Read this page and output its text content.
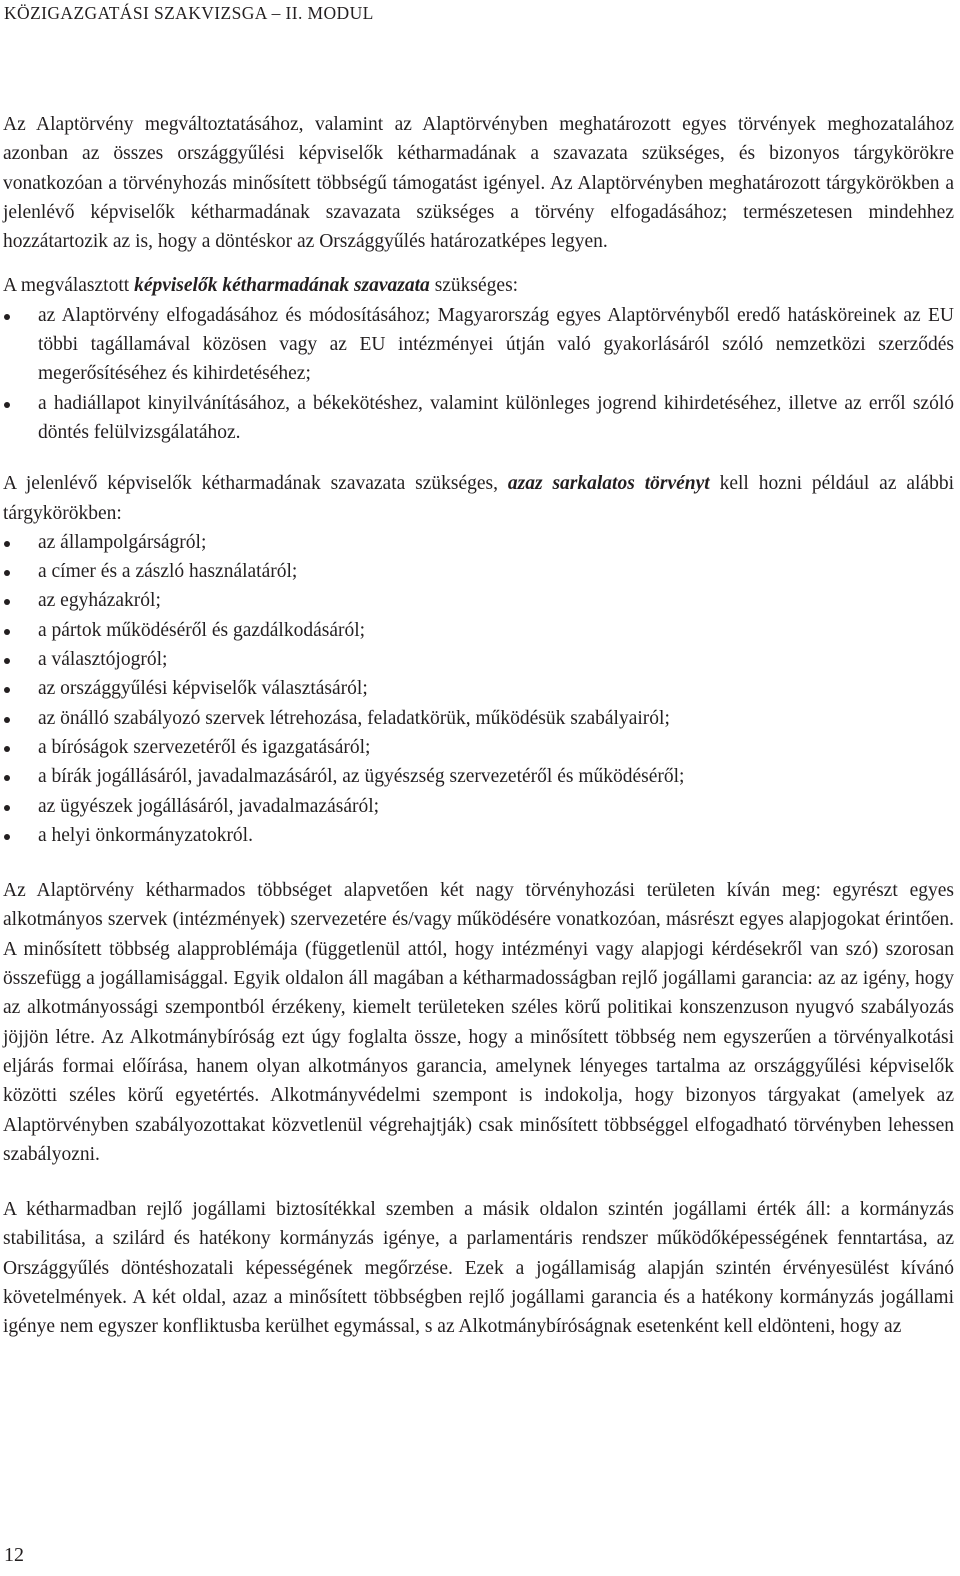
KÖZIGAZGATÁSI SZAKVIZSGA – II. MODUL

Az Alaptörvény megváltoztatásához, valamint az Alaptörvényben meghatározott egyes törvények meghozatalához azonban az összes országgyűlési képviselők kétharmadának a szavazata szükséges, és bizonyos tárgykörökre vonatkozóan a törvényhozás minősített többségű támogatást igényel. Az Alaptörvényben meghatározott tárgykörökben a jelenlévő képviselők kétharmadának szavazata szükséges a törvény elfogadásához; természetesen mindehhez hozzátartozik az is, hogy a döntéskor az Országgyűlés határozatképes legyen.

A megválasztott képviselők kétharmadának szavazata szükséges:

az Alaptörvény elfogadásához és módosításához; Magyarország egyes Alaptörvényből eredő hatásköreinek az EU többi tagállamával közösen vagy az EU intézményei útján való gyakorlásáról szóló nemzetközi szerződés megerősítéséhez és kihirdetéséhez;
a hadiállapot kinyilvánításához, a békekötéshez, valamint különleges jogrend kihirdetéséhez, illetve az erről szóló döntés felülvizsgálatához.

A jelenlévő képviselők kétharmadának szavazata szükséges, azaz sarkalatos törvényt kell hozni például az alábbi tárgykörökben:

az állampolgárságról;
a címer és a zászló használatáról;
az egyházakról;
a pártok működéséről és gazdálkodásáról;
a választójogról;
az országgyűlési képviselők választásáról;
az önálló szabályozó szervek létrehozása, feladatkörük, működésük szabályairól;
a bíróságok szervezetéről és igazgatásáról;
a bírák jogállásáról, javadalmazásáról, az ügyészség szervezetéről és működéséről;
az ügyészek jogállásáról, javadalmazásáról;
a helyi önkormányzatokról.

Az Alaptörvény kétharmados többséget alapvetően két nagy törvényhozási területen kíván meg: egyrészt egyes alkotmányos szervek (intézmények) szervezetére és/vagy működésére vonatkozóan, másrészt egyes alapjogokat érintően. A minősített többség alapproblémája (függetlenül attól, hogy intézményi vagy alapjogi kérdésekről van szó) szorosan összefügg a jogállamisággal. Egyik oldalon áll magában a kétharmadosságban rejlő jogállami garancia: az az igény, hogy az alkotmányossági szempontból érzékeny, kiemelt területeken széles körű politikai konszenzuson nyugvó szabályozás jöjjön létre. Az Alkotmánybíróság ezt úgy foglalta össze, hogy a minősített többség nem egyszerűen a törvényalkotási eljárás formai előírása, hanem olyan alkotmányos garancia, amelynek lényeges tartalma az országgyűlési képviselők közötti széles körű egyetértés. Alkotmányvédelmi szempont is indokolja, hogy bizonyos tárgyakat (amelyek az Alaptörvényben szabályozottakat közvetlenül végrehajtják) csak minősített többséggel elfogadható törvényben lehessen szabályozni.

A kétharmadban rejlő jogállami biztosítékkal szemben a másik oldalon szintén jogállami érték áll: a kormányzás stabilitása, a szilárd és hatékony kormányzás igénye, a parlamentáris rendszer működőképességének fenntartása, az Országgyűlés döntéshozatali képességének megőrzése. Ezek a jogállamiság alapján szintén érvényesülést kívánó követelmények. A két oldal, azaz a minősített többségben rejlő jogállami garancia és a hatékony kormányzás jogállami igénye nem egyszer konfliktusba kerülhet egymással, s az Alkotmánybíróságnak esetenként kell eldönteni, hogy az

12
